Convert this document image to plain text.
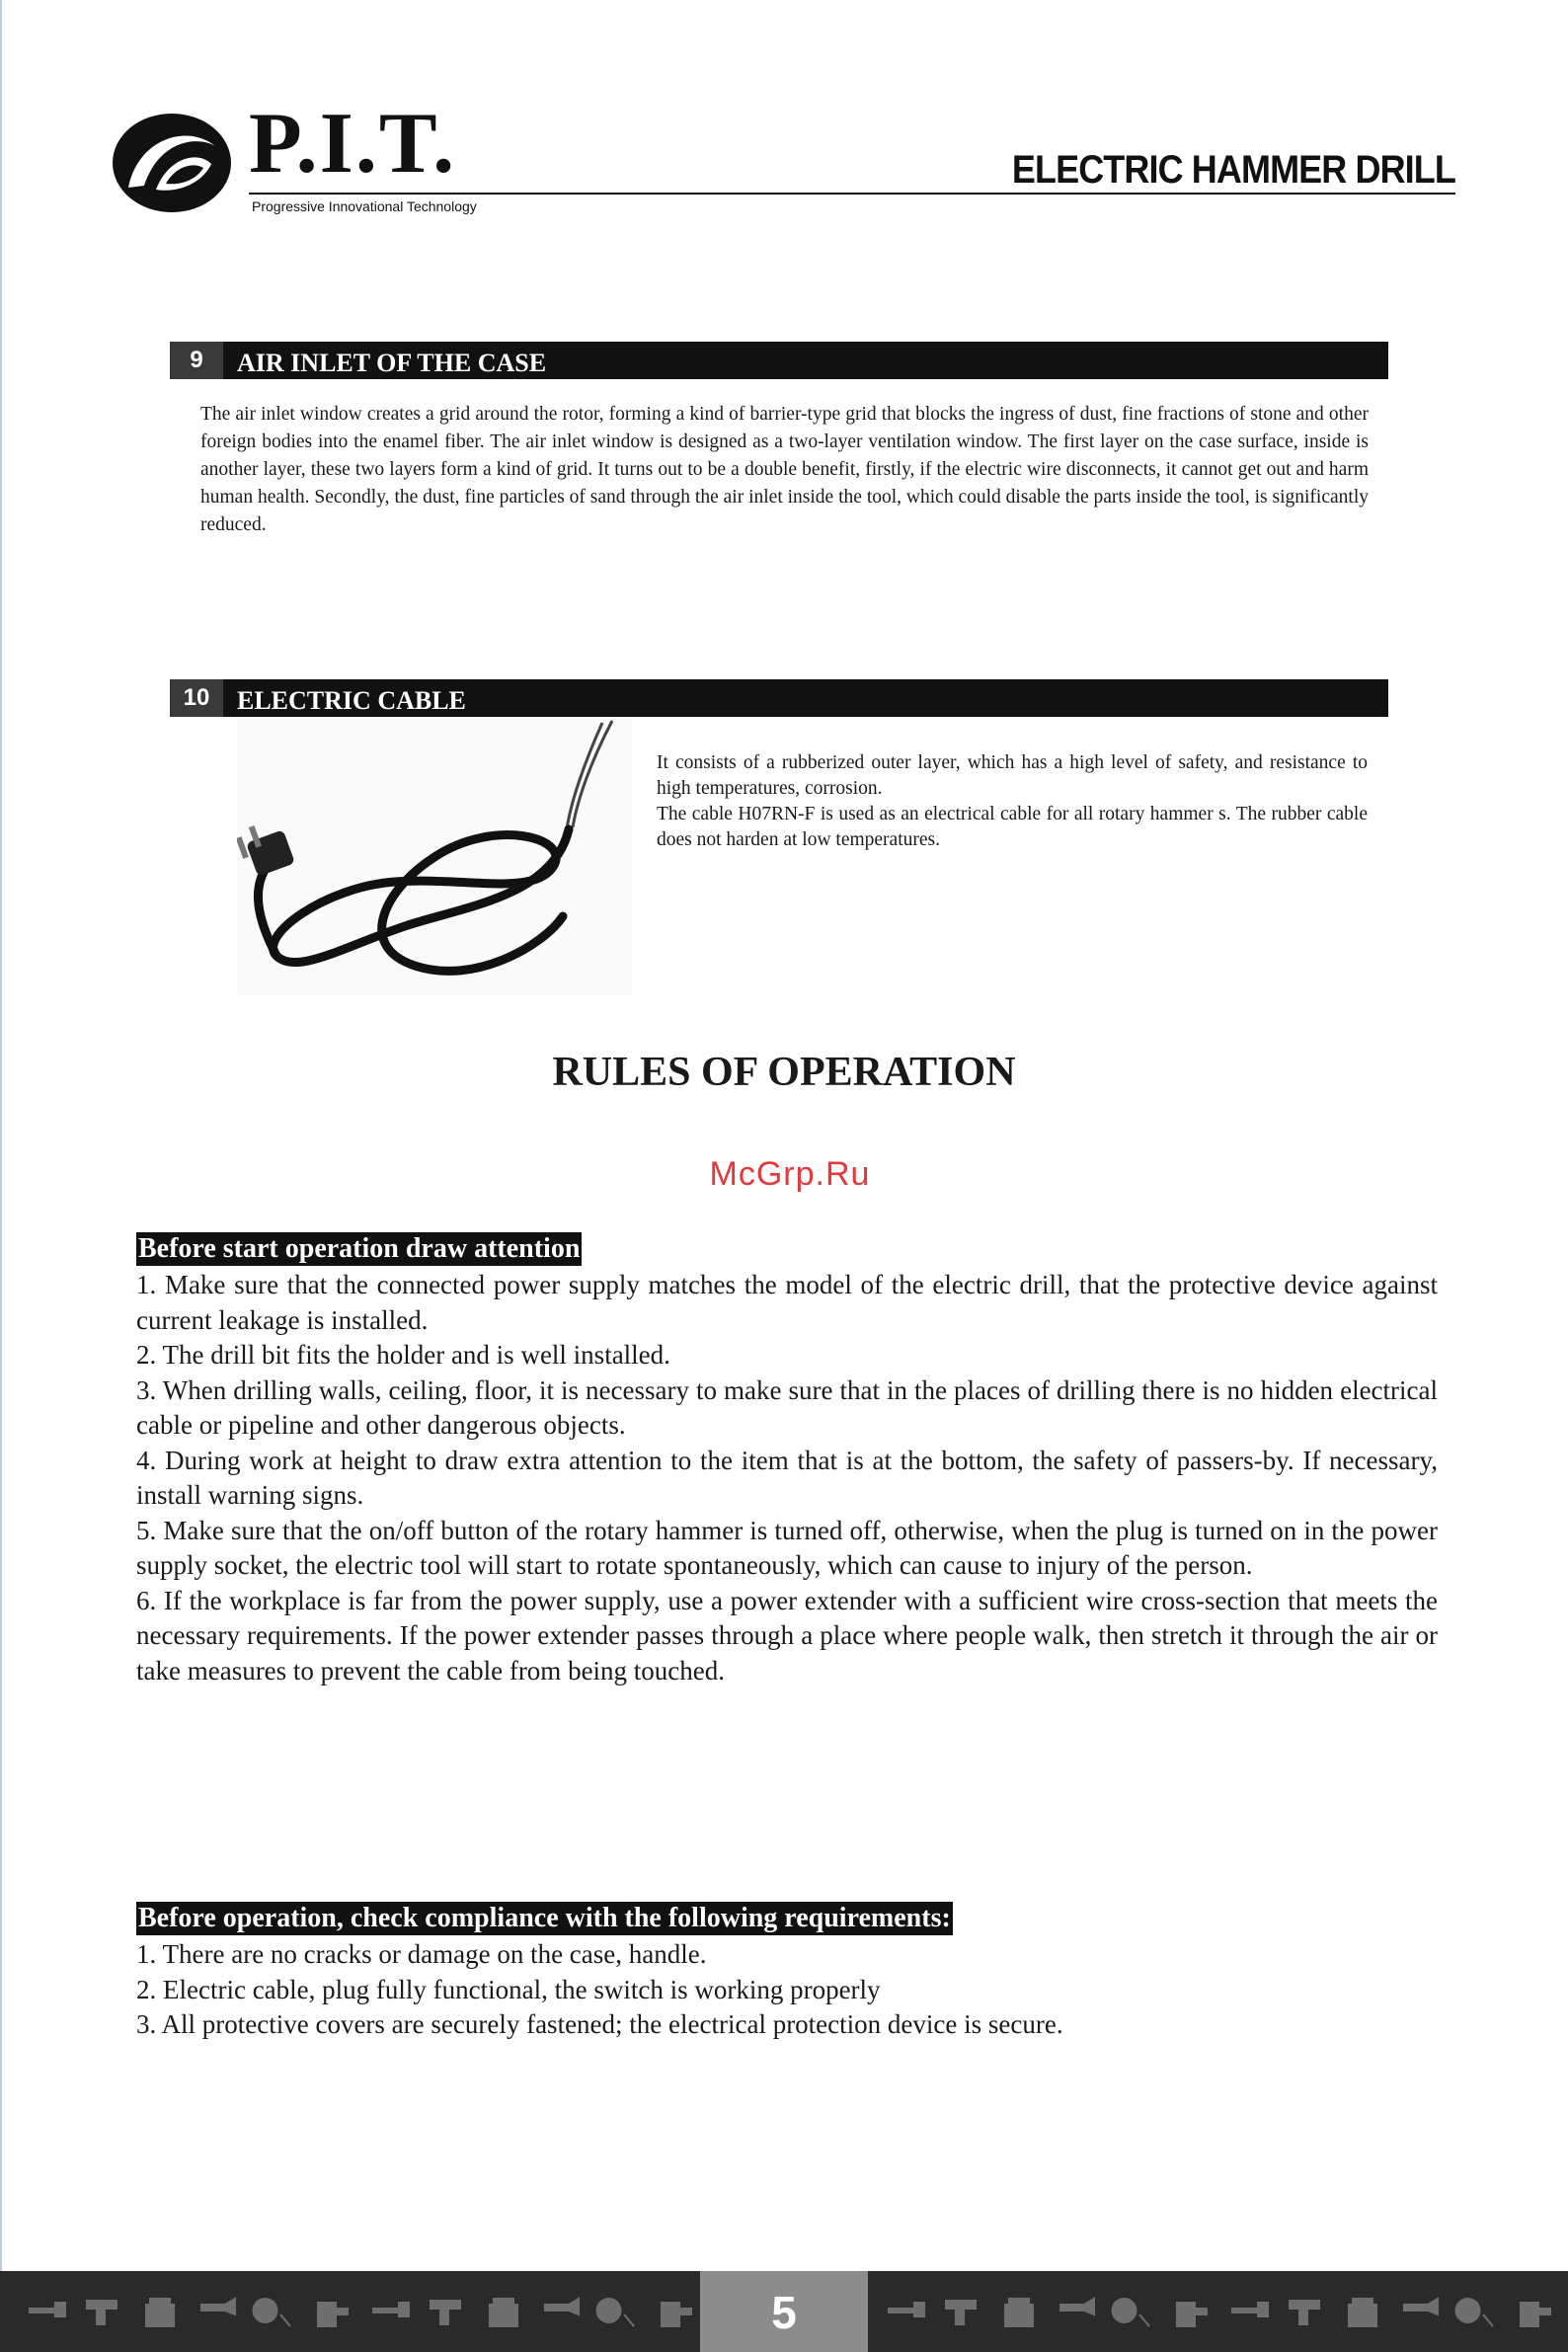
P.I.T.
Progressive Innovational Technology
ELECTRIC HAMMER DRILL
9	AIR INLET OF THE CASE
The air inlet window creates a grid around the rotor, forming a kind of barrier-type grid that blocks the ingress of dust, fine fractions of stone and other foreign bodies into the enamel fiber. The air inlet window is designed as a two-layer ventilation window. The first layer on the case surface, inside is another layer, these two layers form a kind of grid. It turns out to be a double benefit, firstly, if the electric wire disconnects, it cannot get out and harm human health. Secondly, the dust, fine particles of sand through the air inlet inside the tool, which could disable the parts inside the tool, is significantly reduced.
10	ELECTRIC CABLE
It consists of a rubberized outer layer, which has a high level of safety, and resistance to high temperatures, corrosion.
The cable H07RN-F is used as an electrical cable for all rotary hammer s. The rubber cable does not harden at low temperatures.
RULES OF OPERATION
McGrp.Ru
Before start operation draw attention

1. Make sure that the connected power supply matches the model of the electric drill, that the protective device against current leakage is installed.

2. The drill bit fits the holder and is well installed.

3. When drilling walls, ceiling, floor, it is necessary to make sure that in the places of drilling there is no hidden electrical cable or pipeline and other dangerous objects.

4. During work at height to draw extra attention to the item that is at the bottom, the safety of passers-by. If necessary, install warning signs.

5. Make sure that the on/off button of the rotary hammer is turned off, otherwise, when the plug is turned on in the power supply socket, the electric tool will start to rotate spontaneously, which can cause to injury of the person.

6. If the workplace is far from the power supply, use a power extender with a sufficient wire cross-section that meets the necessary requirements. If the power extender passes through a place where people walk, then stretch it through the air or take measures to prevent the cable from being touched.

Before operation, check compliance with the following requirements:

1. There are no cracks or damage on the case, handle.

2. Electric cable, plug fully functional, the switch is working properly

3. All protective covers are securely fastened; the electrical protection device is secure.

5
